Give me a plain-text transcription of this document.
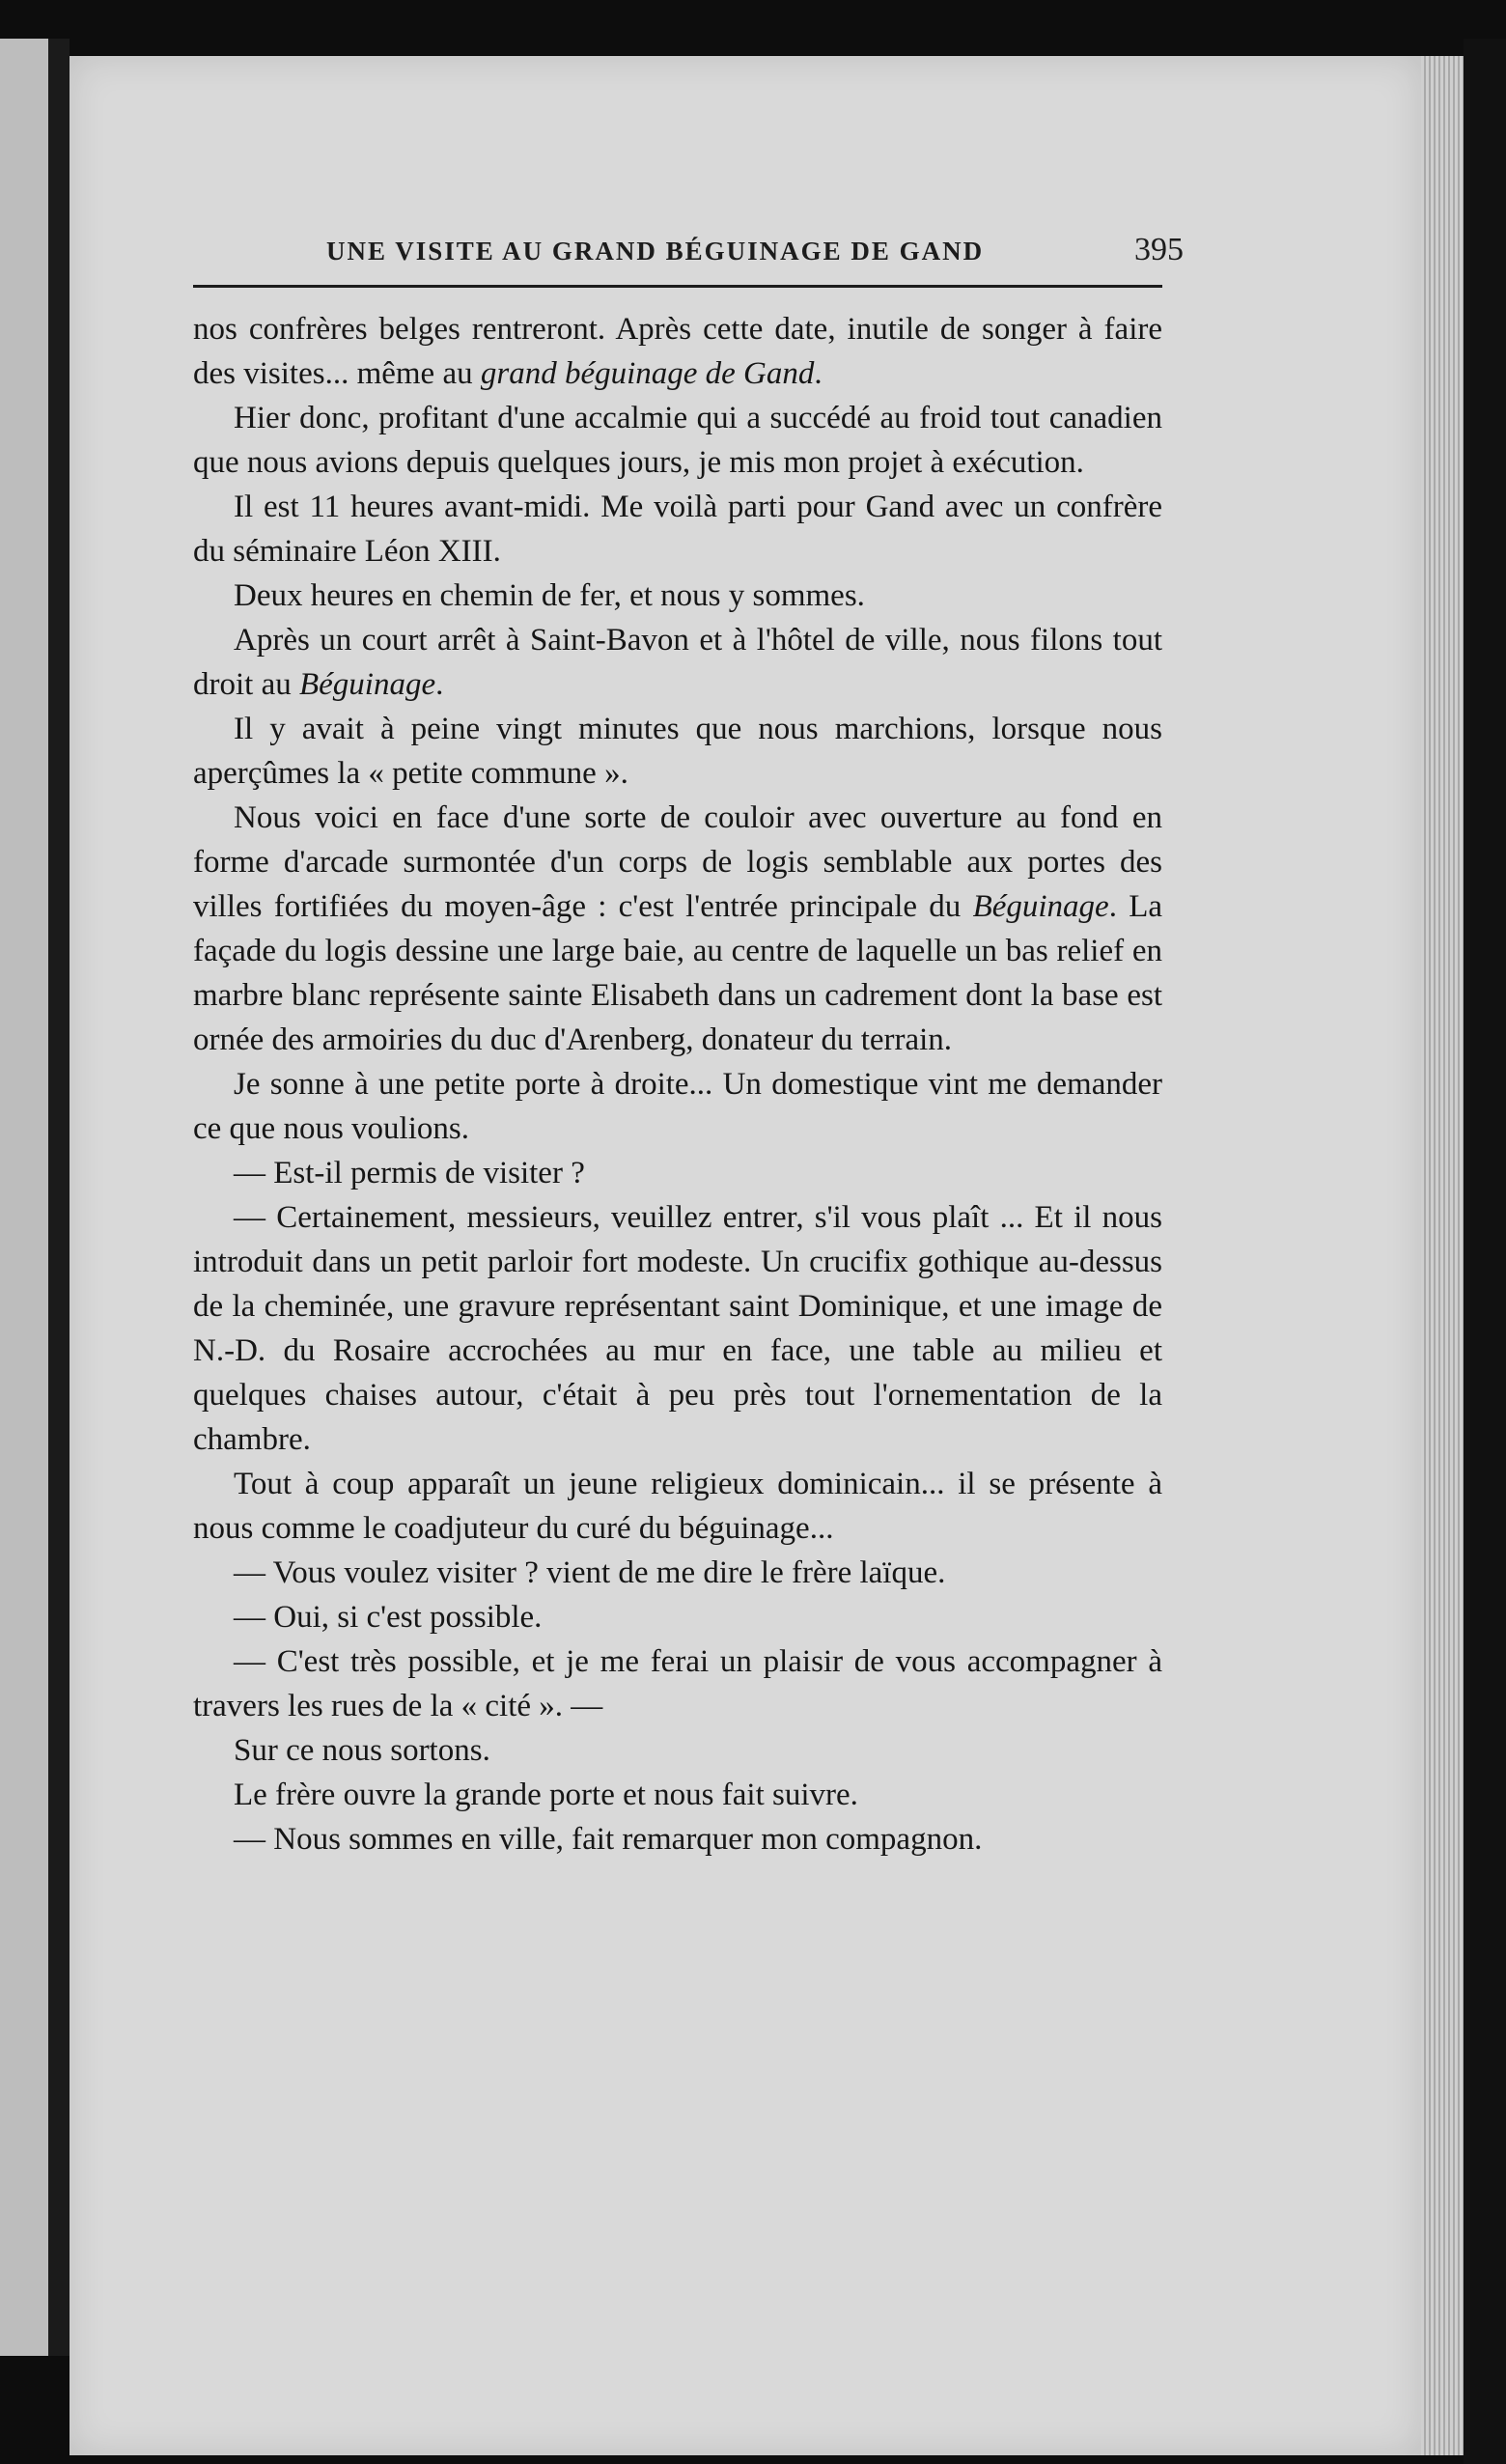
UNE VISITE AU GRAND BÉGUINAGE DE GAND	395

nos confrères belges rentreront. Après cette date, inutile de songer à faire des visites... même au grand béguinage de Gand.

Hier donc, profitant d'une accalmie qui a succédé au froid tout canadien que nous avions depuis quelques jours, je mis mon projet à exécution.

Il est 11 heures avant-midi. Me voilà parti pour Gand avec un confrère du séminaire Léon XIII.

Deux heures en chemin de fer, et nous y sommes.

Après un court arrêt à Saint-Bavon et à l'hôtel de ville, nous filons tout droit au Béguinage.

Il y avait à peine vingt minutes que nous marchions, lorsque nous aperçûmes la « petite commune ».

Nous voici en face d'une sorte de couloir avec ouverture au fond en forme d'arcade surmontée d'un corps de logis semblable aux portes des villes fortifiées du moyen-âge : c'est l'entrée principale du Béguinage. La façade du logis dessine une large baie, au centre de laquelle un bas relief en marbre blanc représente sainte Elisabeth dans un cadrement dont la base est ornée des armoiries du duc d'Arenberg, donateur du terrain.

Je sonne à une petite porte à droite... Un domestique vint me demander ce que nous voulions.

— Est-il permis de visiter ?

— Certainement, messieurs, veuillez entrer, s'il vous plaît ... Et il nous introduit dans un petit parloir fort modeste. Un crucifix gothique au-dessus de la cheminée, une gravure représentant saint Dominique, et une image de N.-D. du Rosaire accrochées au mur en face, une table au milieu et quelques chaises autour, c'était à peu près tout l'ornementation de la chambre.

Tout à coup apparaît un jeune religieux dominicain... il se présente à nous comme le coadjuteur du curé du béguinage...

— Vous voulez visiter ? vient de me dire le frère laïque.

— Oui, si c'est possible.

— C'est très possible, et je me ferai un plaisir de vous accompagner à travers les rues de la « cité ». —

Sur ce nous sortons.

Le frère ouvre la grande porte et nous fait suivre.

— Nous sommes en ville, fait remarquer mon compagnon.
